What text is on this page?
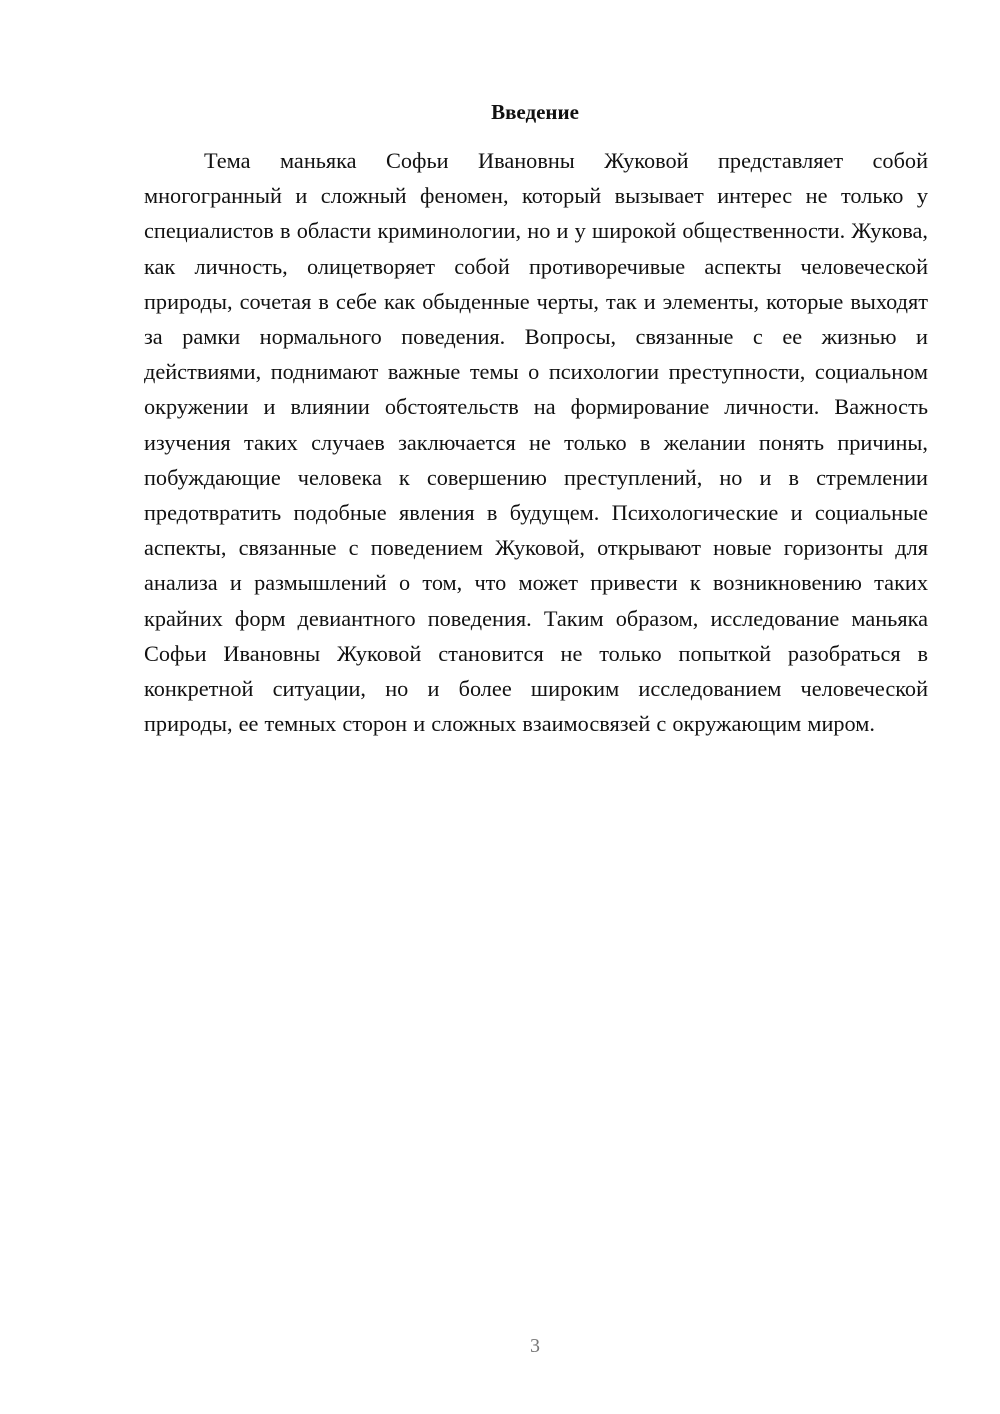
Введение

Тема маньяка Софьи Ивановны Жуковой представляет собой многогранный и сложный феномен, который вызывает интерес не только у специалистов в области криминологии, но и у широкой общественности. Жукова, как личность, олицетворяет собой противоречивые аспекты человеческой природы, сочетая в себе как обыденные черты, так и элементы, которые выходят за рамки нормального поведения. Вопросы, связанные с ее жизнью и действиями, поднимают важные темы о психологии преступности, социальном окружении и влиянии обстоятельств на формирование личности. Важность изучения таких случаев заключается не только в желании понять причины, побуждающие человека к совершению преступлений, но и в стремлении предотвратить подобные явления в будущем. Психологические и социальные аспекты, связанные с поведением Жуковой, открывают новые горизонты для анализа и размышлений о том, что может привести к возникновению таких крайних форм девиантного поведения. Таким образом, исследование маньяка Софьи Ивановны Жуковой становится не только попыткой разобраться в конкретной ситуации, но и более широким исследованием человеческой природы, ее темных сторон и сложных взаимосвязей с окружающим миром.

3
